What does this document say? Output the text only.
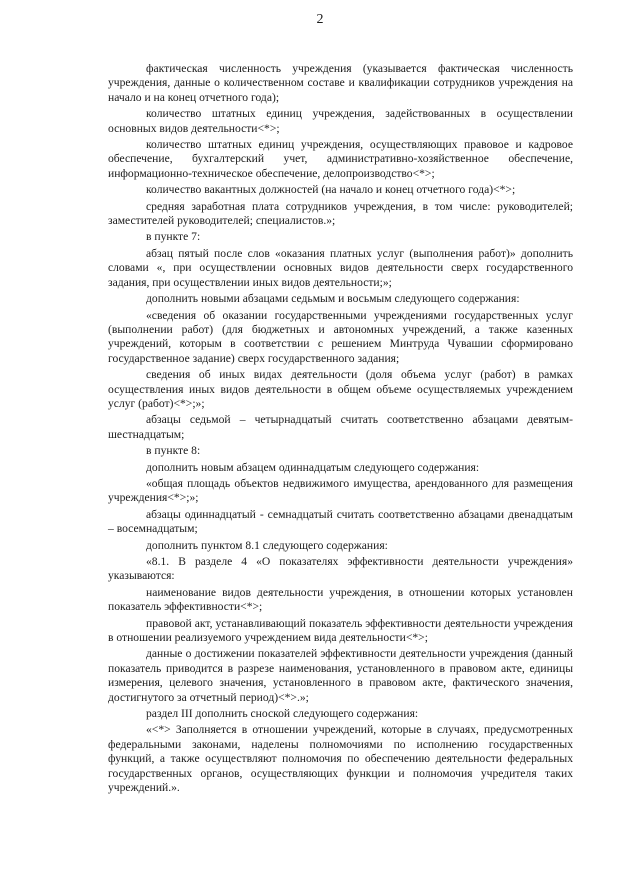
2

фактическая численность учреждения (указывается фактическая численность учреждения, данные о количественном составе и квалификации сотрудников учреждения на начало и на конец отчетного года);

количество штатных единиц учреждения, задействованных в осуществлении основных видов деятельности<*>;

количество штатных единиц учреждения, осуществляющих правовое и кадровое обеспечение, бухгалтерский учет, административно-хозяйственное обеспечение, информационно-техническое обеспечение, делопроизводство<*>;

количество вакантных должностей (на начало и конец отчетного года)<*>;

средняя заработная плата сотрудников учреждения, в том числе: руководителей; заместителей руководителей; специалистов.»;

в пункте 7:

абзац пятый после слов «оказания платных услуг (выполнения работ)» дополнить словами «, при осуществлении основных видов деятельности сверх государственного задания, при осуществлении иных видов деятельности;»;

дополнить новыми абзацами седьмым и восьмым следующего содержания:

«сведения об оказании государственными учреждениями государственных услуг (выполнении работ) (для бюджетных и автономных учреждений, а также казенных учреждений, которым в соответствии с решением Минтруда Чувашии сформировано государственное задание) сверх государственного задания;

сведения об иных видах деятельности (доля объема услуг (работ) в рамках осуществления иных видов деятельности в общем объеме осуществляемых учреждением услуг (работ)<*>;»;

абзацы седьмой – четырнадцатый считать соответственно абзацами девятым-шестнадцатым;

в пункте 8:

дополнить новым абзацем одиннадцатым следующего содержания:

«общая площадь объектов недвижимого имущества, арендованного для размещения учреждения<*>;»;

абзацы одиннадцатый - семнадцатый считать соответственно абзацами двенадцатым – восемнадцатым;

дополнить пунктом 8.1 следующего содержания:

«8.1. В разделе 4 «О показателях эффективности деятельности учреждения» указываются:

наименование видов деятельности учреждения, в отношении которых установлен показатель эффективности<*>;

правовой акт, устанавливающий показатель эффективности деятельности учреждения в отношении реализуемого учреждением вида деятельности<*>;

данные о достижении показателей эффективности деятельности учреждения (данный показатель приводится в разрезе наименования, установленного в правовом акте, единицы измерения, целевого значения, установленного в правовом акте, фактического значения, достигнутого за отчетный период)<*>.»;

раздел III дополнить сноской следующего содержания:

«<*> Заполняется в отношении учреждений, которые в случаях, предусмотренных федеральными законами, наделены полномочиями по исполнению государственных функций, а также осуществляют полномочия по обеспечению деятельности федеральных государственных органов, осуществляющих функции и полномочия учредителя таких учреждений.».
